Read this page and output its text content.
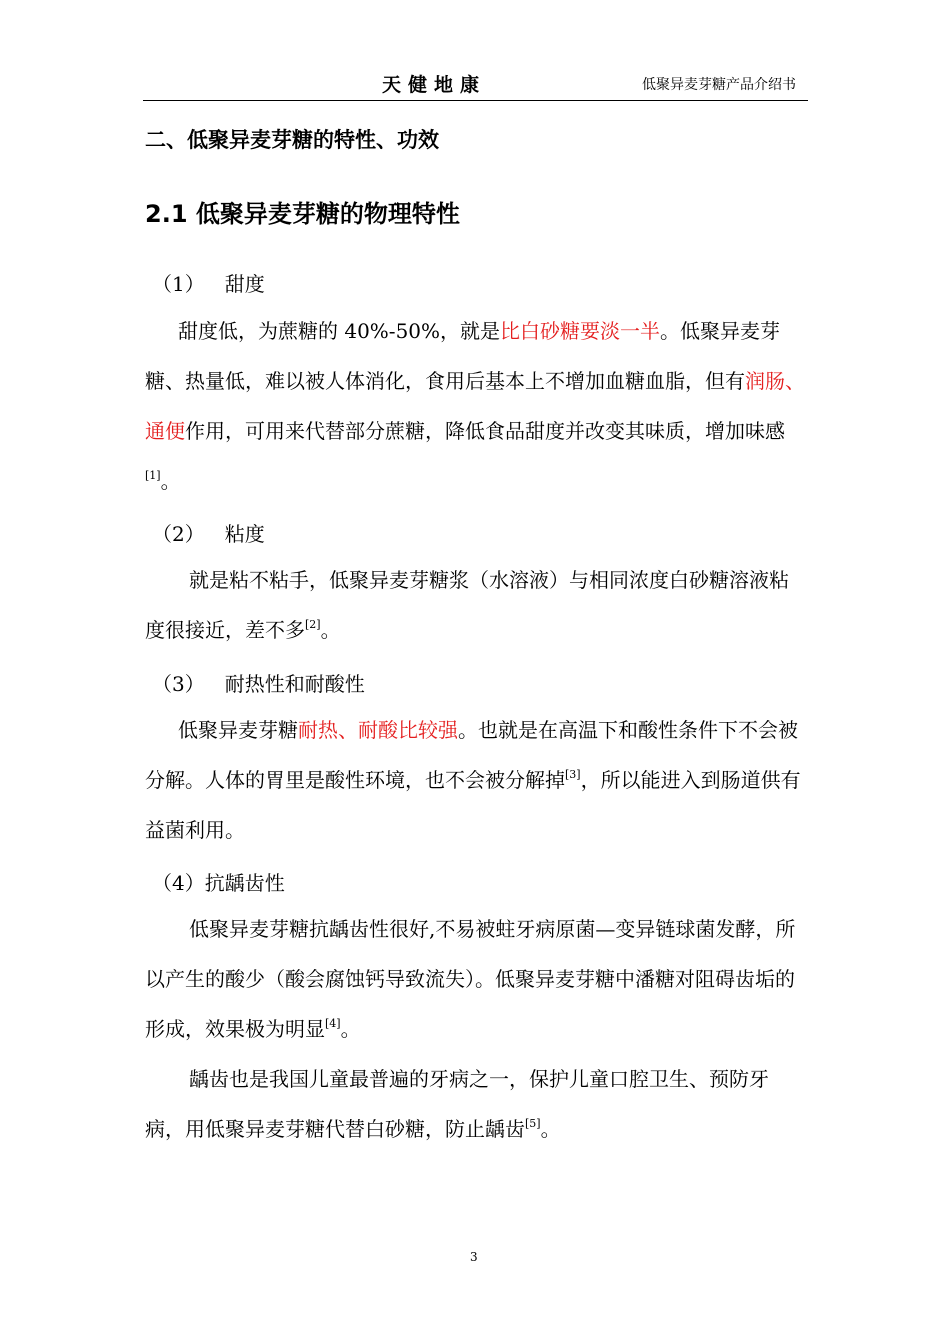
天健地康	低聚异麦芽糖产品介绍书
二、低聚异麦芽糖的特性、功效
2.1 低聚异麦芽糖的物理特性
（1） 甜度

甜度低，为蔗糖的 40%-50%，就是比白砂糖要淡一半。低聚异麦芽糖、热量低，难以被人体消化，食用后基本上不增加血糖血脂，但有润肠、通便作用，可用来代替部分蔗糖，降低食品甜度并改变其味质，增加味感[1]。

（2） 粘度

就是粘不粘手，低聚异麦芽糖浆（水溶液）与相同浓度白砂糖溶液粘度很接近，差不多[2]。

（3） 耐热性和耐酸性

低聚异麦芽糖耐热、耐酸比较强。也就是在高温下和酸性条件下不会被分解。人体的胃里是酸性环境，也不会被分解掉[3]，所以能进入到肠道供有益菌利用。

（4）抗龋齿性

低聚异麦芽糖抗龋齿性很好,不易被蛀牙病原菌—变异链球菌发酵，所以产生的酸少（酸会腐蚀钙导致流失）。低聚异麦芽糖中潘糖对阻碍齿垢的形成，效果极为明显[4]。

龋齿也是我国儿童最普遍的牙病之一，保护儿童口腔卫生、预防牙病，用低聚异麦芽糖代替白砂糖，防止龋齿[5]。

3
